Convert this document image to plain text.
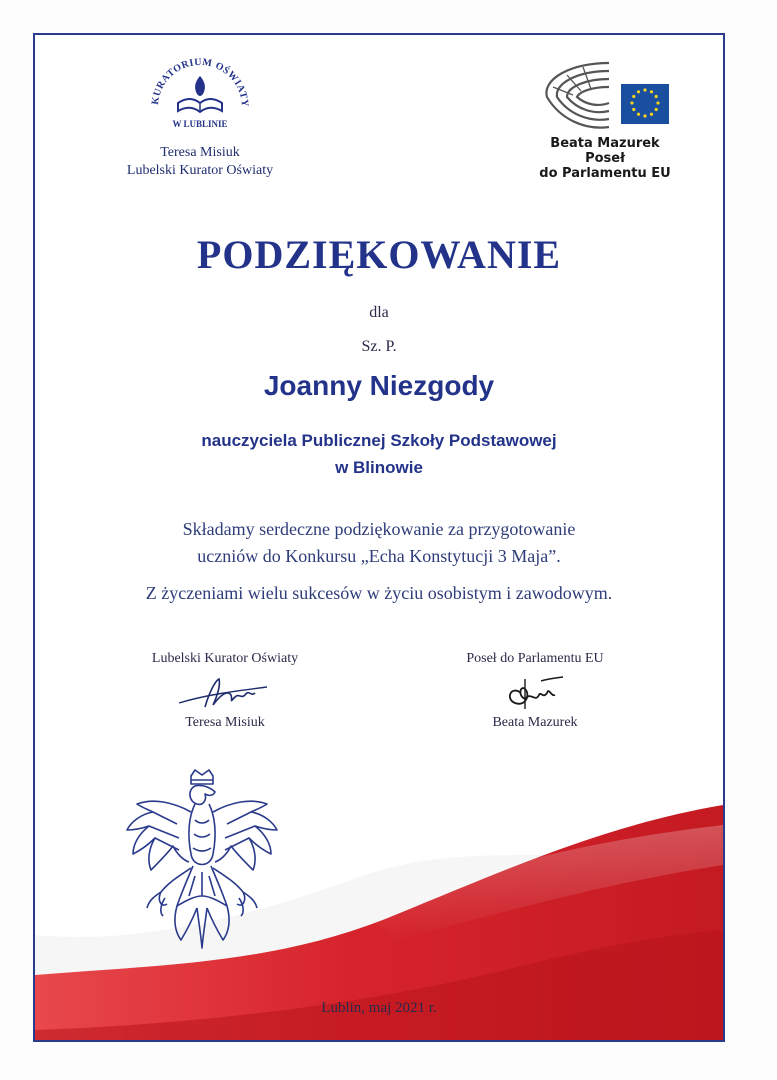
KURATORIUM OŚWIATY
W LUBLINIE
Teresa Misiuk
Lubelski Kurator Oświaty
Beata Mazurek
Poseł
do Parlamentu EU
PODZIĘKOWANIE
dla
Sz. P.
Joanny Niezgody
nauczyciela Publicznej Szkoły Podstawowej
w Blinowie

Składamy serdeczne podziękowanie za przygotowanie

uczniów do Konkursu „Echa Konstytucji 3 Maja”.

Z życzeniami wielu sukcesów w życiu osobistym i zawodowym.

Lubelski Kurator Oświaty
Teresa Misiuk
Poseł do Parlamentu EU
Beata Mazurek
Lublin, maj 2021 r.
